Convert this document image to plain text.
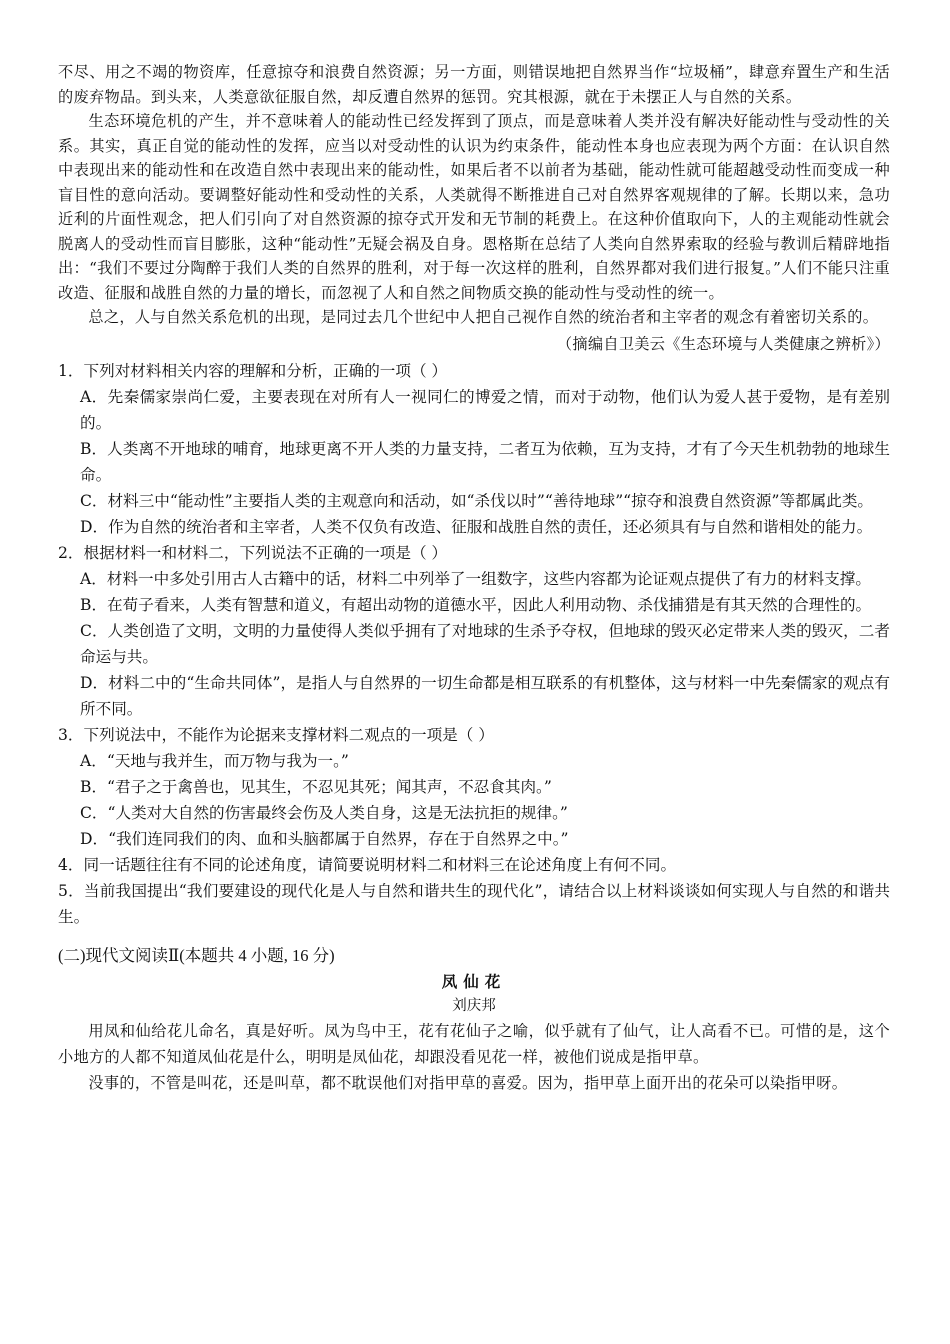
不尽、用之不竭的物资库，任意掠夺和浪费自然资源；另一方面，则错误地把自然界当作“垃圾桶”，肆意弃置生产和生活的废弃物品。到头来，人类意欲征服自然，却反遭自然界的惩罚。究其根源，就在于未摆正人与自然的关系。

生态环境危机的产生，并不意味着人的能动性已经发挥到了顶点，而是意味着人类并没有解决好能动性与受动性的关系。其实，真正自觉的能动性的发挥，应当以对受动性的认识为约束条件，能动性本身也应表现为两个方面：在认识自然中表现出来的能动性和在改造自然中表现出来的能动性，如果后者不以前者为基础，能动性就可能超越受动性而变成一种盲目性的意向活动。要调整好能动性和受动性的关系，人类就得不断推进自己对自然界客观规律的了解。长期以来，急功近利的片面性观念，把人们引向了对自然资源的掠夺式开发和无节制的耗费上。在这种价值取向下，人的主观能动性就会脱离人的受动性而盲目膨胀，这种“能动性”无疑会祸及自身。恩格斯在总结了人类向自然界索取的经验与教训后精辟地指出：“我们不要过分陶醉于我们人类的自然界的胜利，对于每一次这样的胜利，自然界都对我们进行报复。”人们不能只注重改造、征服和战胜自然的力量的增长，而忽视了人和自然之间物质交换的能动性与受动性的统一。

总之，人与自然关系危机的出现，是同过去几个世纪中人把自己视作自然的统治者和主宰者的观念有着密切关系的。

（摘编自卫美云《生态环境与人类健康之辨析》）

1．下列对材料相关内容的理解和分析，正确的一项（ ）

A．先秦儒家崇尚仁爱，主要表现在对所有人一视同仁的博爱之情，而对于动物，他们认为爱人甚于爱物，是有差别的。

B．人类离不开地球的哺育，地球更离不开人类的力量支持，二者互为依赖，互为支持，才有了今天生机勃勃的地球生命。

C．材料三中“能动性”主要指人类的主观意向和活动，如“杀伐以时”“善待地球”“掠夺和浪费自然资源”等都属此类。

D．作为自然的统治者和主宰者，人类不仅负有改造、征服和战胜自然的责任，还必须具有与自然和谐相处的能力。

2．根据材料一和材料二，下列说法不正确的一项是（ ）

A．材料一中多处引用古人古籍中的话，材料二中列举了一组数字，这些内容都为论证观点提供了有力的材料支撑。

B．在荀子看来，人类有智慧和道义，有超出动物的道德水平，因此人利用动物、杀伐捕猎是有其天然的合理性的。

C．人类创造了文明，文明的力量使得人类似乎拥有了对地球的生杀予夺权，但地球的毁灭必定带来人类的毁灭，二者命运与共。

D．材料二中的“生命共同体”，是指人与自然界的一切生命都是相互联系的有机整体，这与材料一中先秦儒家的观点有所不同。

3．下列说法中，不能作为论据来支撑材料二观点的一项是（ ）

A．“天地与我并生，而万物与我为一。”

B．“君子之于禽兽也，见其生，不忍见其死；闻其声，不忍食其肉。”

C．“人类对大自然的伤害最终会伤及人类自身，这是无法抗拒的规律。”

D．“我们连同我们的肉、血和头脑都属于自然界，存在于自然界之中。”

4．同一话题往往有不同的论述角度，请简要说明材料二和材料三在论述角度上有何不同。

5．当前我国提出“我们要建设的现代化是人与自然和谐共生的现代化”，请结合以上材料谈谈如何实现人与自然的和谐共生。

(二)现代文阅读Ⅱ(本题共 4 小题, 16 分)
凤仙花
刘庆邦

用凤和仙给花儿命名，真是好听。凤为鸟中王，花有花仙子之喻，似乎就有了仙气，让人高看不已。可惜的是，这个小地方的人都不知道凤仙花是什么，明明是凤仙花，却跟没看见花一样，被他们说成是指甲草。

没事的，不管是叫花，还是叫草，都不耽误他们对指甲草的喜爱。因为，指甲草上面开出的花朵可以染指甲呀。
